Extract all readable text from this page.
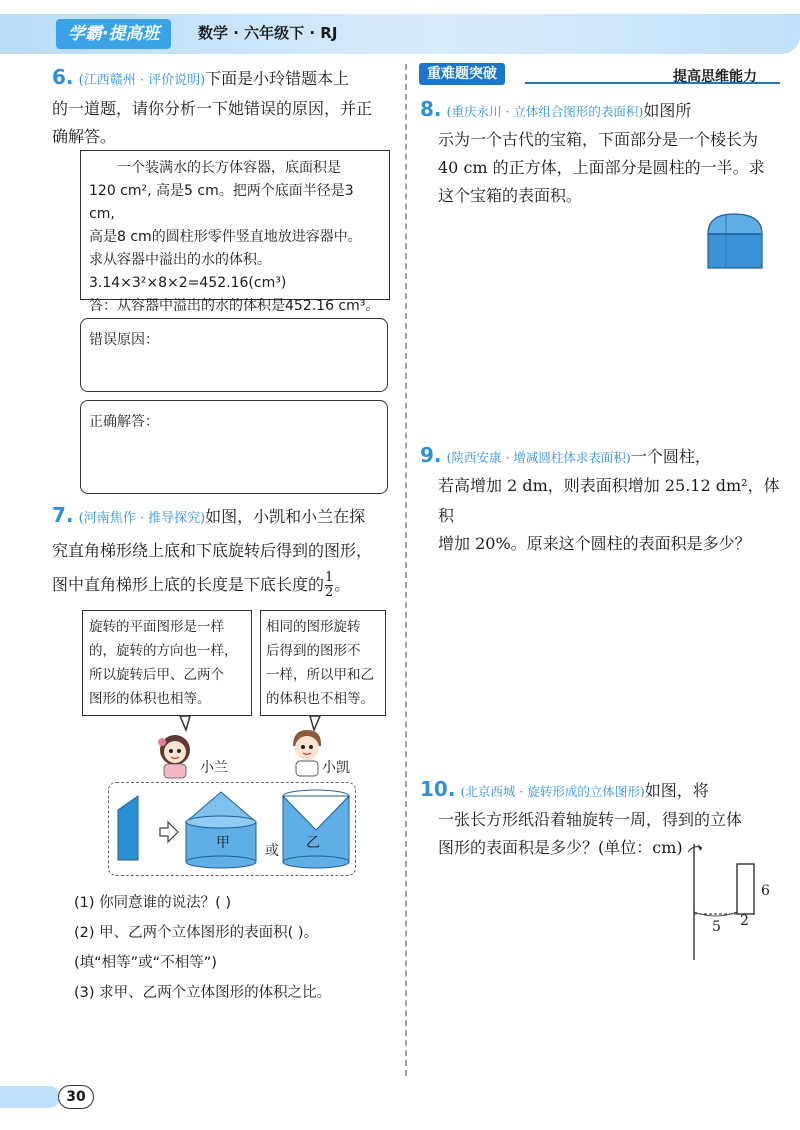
学霸·提高班	数学 · 六年级下 · RJ
重难题突破	提高思维能力
6. (江西赣州 · 评价说明)下面是小玲错题本上
的一道题，请你分析一下她错误的原因，并正
确解答。
一个装满水的长方体容器，底面积是
120 cm², 高是5 cm。把两个底面半径是3 cm,
高是8 cm的圆柱形零件竖直地放进容器中。
求从容器中溢出的水的体积。
3.14×3²×8×2=452.16(cm³)
答：从容器中溢出的水的体积是452.16 cm³。
错误原因：
正确解答：
7. (河南焦作 · 推导探究)如图，小凯和小兰在探
究直角梯形绕上底和下底旋转后得到的图形，
图中直角梯形上底的长度是下底长度的 $\frac{1}{2}$ 。
旋转的平面图形是一样
的，旋转的方向也一样，
所以旋转后甲、乙两个
图形的体积也相等。
相同的图形旋转
后得到的图形不
一样，所以甲和乙
的体积也不相等。
小兰	小凯
甲	或 乙
(1) 你同意谁的说法？( )
(2) 甲、乙两个立体图形的表面积( )。
(填“相等”或“不相等”)
(3) 求甲、乙两个立体图形的体积之比。
8. (重庆永川 · 立体组合图形的表面积)如图所
示为一个古代的宝箱，下面部分是一个棱长为
40 cm 的正方体，上面部分是圆柱的一半。求
这个宝箱的表面积。
9. (陕西安康 · 增减圆柱体求表面积)一个圆柱，
若高增加 2 dm，则表面积增加 25.12 dm²，体积
增加 20%。原来这个圆柱的表面积是多少？
10. (北京西城 · 旋转形成的立体图形)如图，将
一张长方形纸沿着轴旋转一周，得到的立体
图形的表面积是多少？(单位：cm)
6
5 2
30
